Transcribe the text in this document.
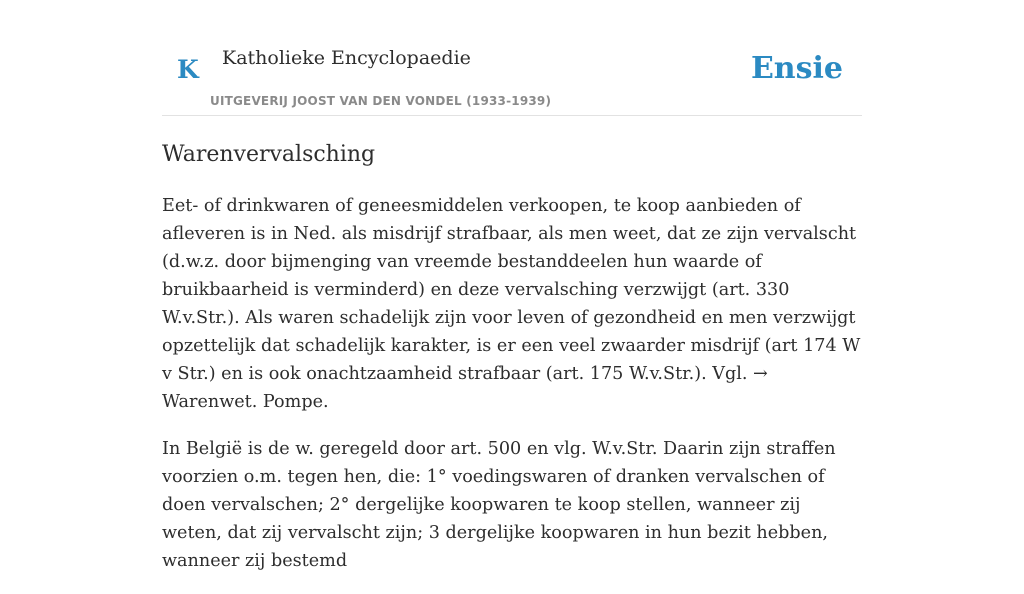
K Katholieke Encyclopaedie
UITGEVERIJ JOOST VAN DEN VONDEL (1933-1939)
Ensie
Warenvervalsching

Eet- of drinkwaren of geneesmiddelen verkoopen, te koop aanbieden of afleveren is in Ned. als misdrijf strafbaar, als men weet, dat ze zijn vervalscht (d.w.z. door bijmenging van vreemde bestanddeelen hun waarde of bruikbaarheid is verminderd) en deze vervalsching verzwijgt (art. 330 W.v.Str.). Als waren schadelijk zijn voor leven of gezondheid en men verzwijgt opzettelijk dat schadelijk karakter, is er een veel zwaarder misdrijf (art 174 W v Str.) en is ook onachtzaamheid strafbaar (art. 175 W.v.Str.). Vgl. → Warenwet. Pompe.

In België is de w. geregeld door art. 500 en vlg. W.v.Str. Daarin zijn straffen voorzien o.m. tegen hen, die: 1° voedingswaren of dranken vervalschen of doen vervalschen; 2° dergelijke koopwaren te koop stellen, wanneer zij weten, dat zij vervalscht zijn; 3 dergelijke koopwaren in hun bezit hebben, wanneer zij bestemd
